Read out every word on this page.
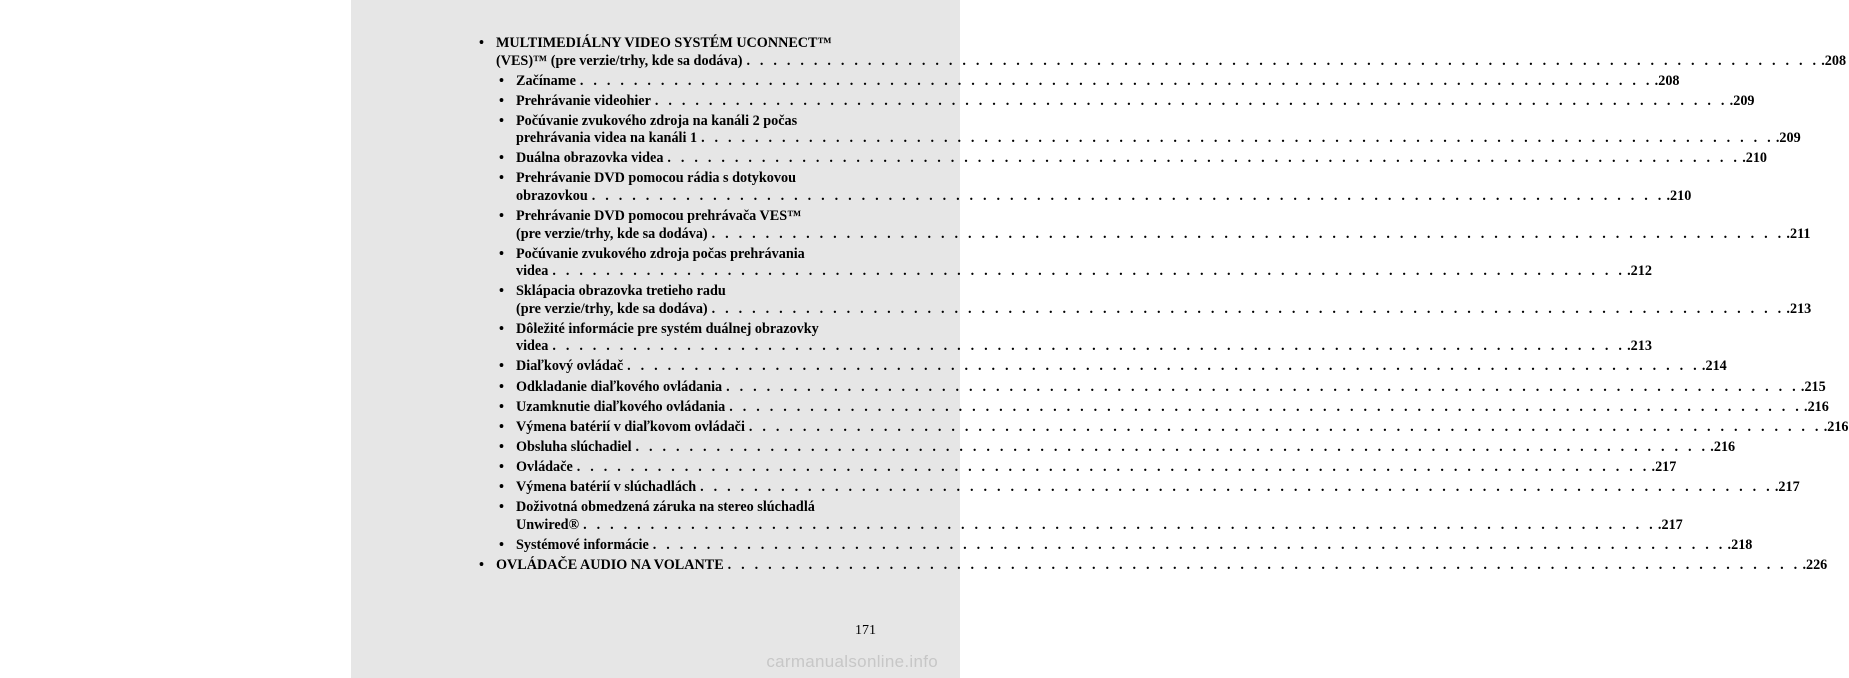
• MULTIMEDIÁLNY VIDEO SYSTÉM UCONNECT™
(VES)™ (pre verzie/trhy, kde sa dodáva) . . . . . . . . . . . . . . . . . . . . . . . . . . . . . . . . . . . . . . . . . . . . . . . . . . . . . . . . . . . . . . . . . . . . . . . . . . . . . . . . .208
• Začíname . . . . . . . . . . . . . . . . . . . . . . . . . . . . . . . . . . . . . . . . . . . . . . . . . . . . . . . . . . . . . . . . . . . . . . . . . . . . . . . . .208
• Prehrávanie videohier . . . . . . . . . . . . . . . . . . . . . . . . . . . . . . . . . . . . . . . . . . . . . . . . . . . . . . . . . . . . . . . . . . . . . . . . . . . . . . . . .209
• Počúvanie zvukového zdroja na kanáli 2 počas
prehrávania videa na kanáli 1 . . . . . . . . . . . . . . . . . . . . . . . . . . . . . . . . . . . . . . . . . . . . . . . . . . . . . . . . . . . . . . . . . . . . . . . . . . . . . . . . .209
• Duálna obrazovka videa . . . . . . . . . . . . . . . . . . . . . . . . . . . . . . . . . . . . . . . . . . . . . . . . . . . . . . . . . . . . . . . . . . . . . . . . . . . . . . . . .210
• Prehrávanie DVD pomocou rádia s dotykovou
obrazovkou . . . . . . . . . . . . . . . . . . . . . . . . . . . . . . . . . . . . . . . . . . . . . . . . . . . . . . . . . . . . . . . . . . . . . . . . . . . . . . . . .210
• Prehrávanie DVD pomocou prehrávača VES™
(pre verzie/trhy, kde sa dodáva) . . . . . . . . . . . . . . . . . . . . . . . . . . . . . . . . . . . . . . . . . . . . . . . . . . . . . . . . . . . . . . . . . . . . . . . . . . . . . . . . .211
• Počúvanie zvukového zdroja počas prehrávania
videa . . . . . . . . . . . . . . . . . . . . . . . . . . . . . . . . . . . . . . . . . . . . . . . . . . . . . . . . . . . . . . . . . . . . . . . . . . . . . . . . .212
• Sklápacia obrazovka tretieho radu
(pre verzie/trhy, kde sa dodáva) . . . . . . . . . . . . . . . . . . . . . . . . . . . . . . . . . . . . . . . . . . . . . . . . . . . . . . . . . . . . . . . . . . . . . . . . . . . . . . . . .213
• Dôležité informácie pre systém duálnej obrazovky
videa . . . . . . . . . . . . . . . . . . . . . . . . . . . . . . . . . . . . . . . . . . . . . . . . . . . . . . . . . . . . . . . . . . . . . . . . . . . . . . . . .213
• Diaľkový ovládač . . . . . . . . . . . . . . . . . . . . . . . . . . . . . . . . . . . . . . . . . . . . . . . . . . . . . . . . . . . . . . . . . . . . . . . . . . . . . . . . .214
• Odkladanie diaľkového ovládania . . . . . . . . . . . . . . . . . . . . . . . . . . . . . . . . . . . . . . . . . . . . . . . . . . . . . . . . . . . . . . . . . . . . . . . . . . . . . . . . .215
• Uzamknutie diaľkového ovládania . . . . . . . . . . . . . . . . . . . . . . . . . . . . . . . . . . . . . . . . . . . . . . . . . . . . . . . . . . . . . . . . . . . . . . . . . . . . . . . . .216
• Výmena batérií v diaľkovom ovládači . . . . . . . . . . . . . . . . . . . . . . . . . . . . . . . . . . . . . . . . . . . . . . . . . . . . . . . . . . . . . . . . . . . . . . . . . . . . . . . . .216
• Obsluha slúchadiel . . . . . . . . . . . . . . . . . . . . . . . . . . . . . . . . . . . . . . . . . . . . . . . . . . . . . . . . . . . . . . . . . . . . . . . . . . . . . . . . .216
• Ovládače . . . . . . . . . . . . . . . . . . . . . . . . . . . . . . . . . . . . . . . . . . . . . . . . . . . . . . . . . . . . . . . . . . . . . . . . . . . . . . . . .217
• Výmena batérií v slúchadlách . . . . . . . . . . . . . . . . . . . . . . . . . . . . . . . . . . . . . . . . . . . . . . . . . . . . . . . . . . . . . . . . . . . . . . . . . . . . . . . . .217
• Doživotná obmedzená záruka na stereo slúchadlá
Unwired® . . . . . . . . . . . . . . . . . . . . . . . . . . . . . . . . . . . . . . . . . . . . . . . . . . . . . . . . . . . . . . . . . . . . . . . . . . . . . . . . .217
• Systémové informácie . . . . . . . . . . . . . . . . . . . . . . . . . . . . . . . . . . . . . . . . . . . . . . . . . . . . . . . . . . . . . . . . . . . . . . . . . . . . . . . . .218
• OVLÁDAČE AUDIO NA VOLANTE . . . . . . . . . . . . . . . . . . . . . . . . . . . . . . . . . . . . . . . . . . . . . . . . . . . . . . . . . . . . . . . . . . . . . . . . . . . . . . . . .226
171
carmanualsonline.info
